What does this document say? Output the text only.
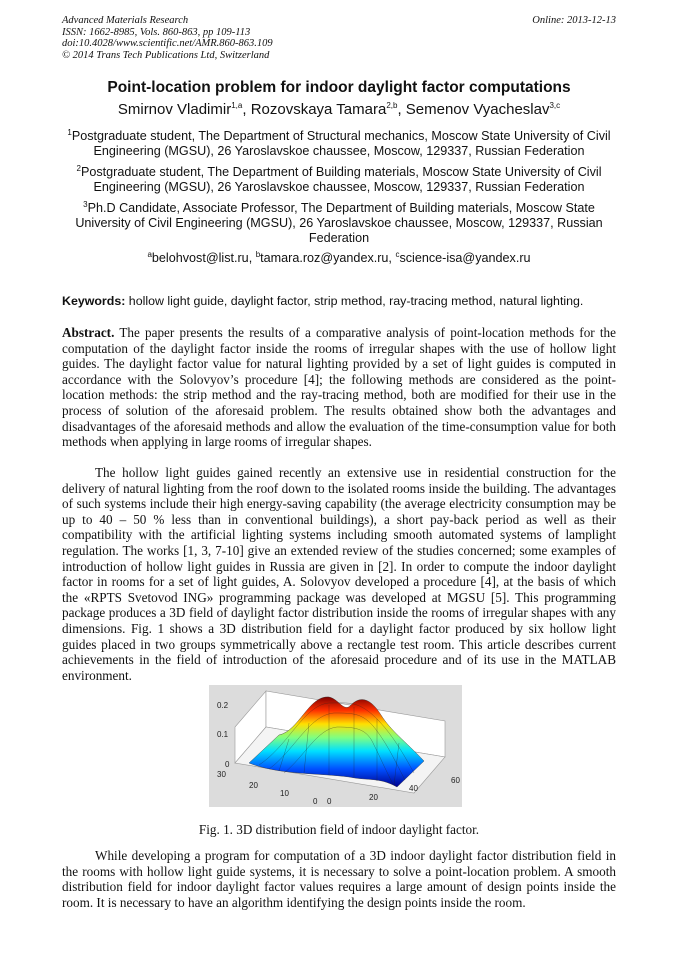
Advanced Materials Research
ISSN: 1662-8985, Vols. 860-863, pp 109-113
doi:10.4028/www.scientific.net/AMR.860-863.109
© 2014 Trans Tech Publications Ltd, Switzerland
Online: 2013-12-13
Point-location problem for indoor daylight factor computations
Smirnov Vladimir$^{1,a}$, Rozovskaya Tamara$^{2,b}$, Semenov Vyacheslav$^{3,c}$
$^1$Postgraduate student, The Department of Structural mechanics, Moscow State University of Civil Engineering (MGSU), 26 Yaroslavskoe chaussee, Moscow, 129337, Russian Federation
$^2$Postgraduate student, The Department of Building materials, Moscow State University of Civil Engineering (MGSU), 26 Yaroslavskoe chaussee, Moscow, 129337, Russian Federation
$^3$Ph.D Candidate, Associate Professor, The Department of Building materials, Moscow State University of Civil Engineering (MGSU), 26 Yaroslavskoe chaussee, Moscow, 129337, Russian Federation
$^a$belohvost@list.ru, $^b$tamara.roz@yandex.ru, $^c$science-isa@yandex.ru
Keywords: hollow light guide, daylight factor, strip method, ray-tracing method, natural lighting.
Abstract. The paper presents the results of a comparative analysis of point-location methods for the computation of the daylight factor inside the rooms of irregular shapes with the use of hollow light guides. The daylight factor value for natural lighting provided by a set of light guides is computed in accordance with the Solovyov’s procedure [4]; the following methods are considered as the point-location methods: the strip method and the ray-tracing method, both are modified for their use in the process of solution of the aforesaid problem. The results obtained show both the advantages and disadvantages of the aforesaid methods and allow the evaluation of the time-consumption value for both methods when applying in large rooms of irregular shapes.
The hollow light guides gained recently an extensive use in residential construction for the delivery of natural lighting from the roof down to the isolated rooms inside the building. The advantages of such systems include their high energy-saving capability (the average electricity consumption may be up to 40 – 50 % less than in conventional buildings), a short pay-back period as well as their compatibility with the artificial lighting systems including smooth automated systems of lamplight regulation. The works [1, 3, 7-10] give an extended review of the studies concerned; some examples of introduction of hollow light guides in Russia are given in [2]. In order to compute the indoor daylight factor in rooms for a set of light guides, A. Solovyov developed a procedure [4], at the basis of which the «RPTS Svetovod ING» programming package was developed at MGSU [5]. This programming package produces a 3D field of daylight factor distribution inside the rooms of irregular shapes with any dimensions. Fig. 1 shows a 3D distribution field for a daylight factor produced by six hollow light guides placed in two groups symmetrically above a rectangle test room. This article describes current achievements in the field of introduction of the aforesaid procedure and of its use in the MATLAB environment.
0.2
0.1
0
30
20
10
0 0	20
40
60
Fig. 1. 3D distribution field of indoor daylight factor.
While developing a program for computation of a 3D indoor daylight factor distribution field in the rooms with hollow light guide systems, it is necessary to solve a point-location problem. A smooth distribution field for indoor daylight factor values requires a large amount of design points inside the room. It is necessary to have an algorithm identifying the design points inside the room.
